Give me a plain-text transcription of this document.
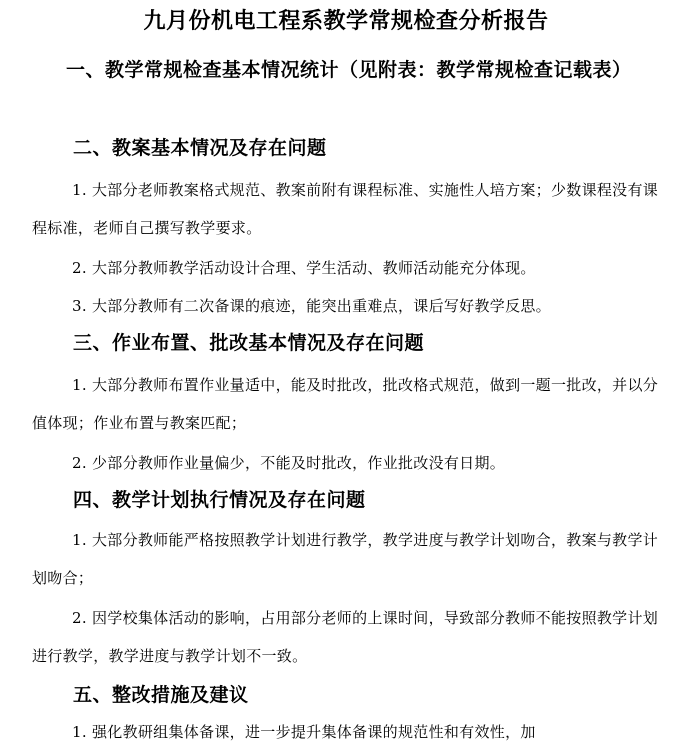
九月份机电工程系教学常规检查分析报告
一、教学常规检查基本情况统计（见附表：教学常规检查记载表）
二、教案基本情况及存在问题
1. 大部分老师教案格式规范、教案前附有课程标准、实施性人培方案；少数课程没有课程标准，老师自己撰写教学要求。
2. 大部分教师教学活动设计合理、学生活动、教师活动能充分体现。
3. 大部分教师有二次备课的痕迹，能突出重难点，课后写好教学反思。
三、作业布置、批改基本情况及存在问题
1. 大部分教师布置作业量适中，能及时批改，批改格式规范，做到一题一批改，并以分值体现；作业布置与教案匹配；
2. 少部分教师作业量偏少，不能及时批改，作业批改没有日期。
四、教学计划执行情况及存在问题
1. 大部分教师能严格按照教学计划进行教学，教学进度与教学计划吻合，教案与教学计划吻合；
2. 因学校集体活动的影响，占用部分老师的上课时间，导致部分教师不能按照教学计划进行教学，教学进度与教学计划不一致。
五、整改措施及建议
1. 强化教研组集体备课，进一步提升集体备课的规范性和有效性，加
